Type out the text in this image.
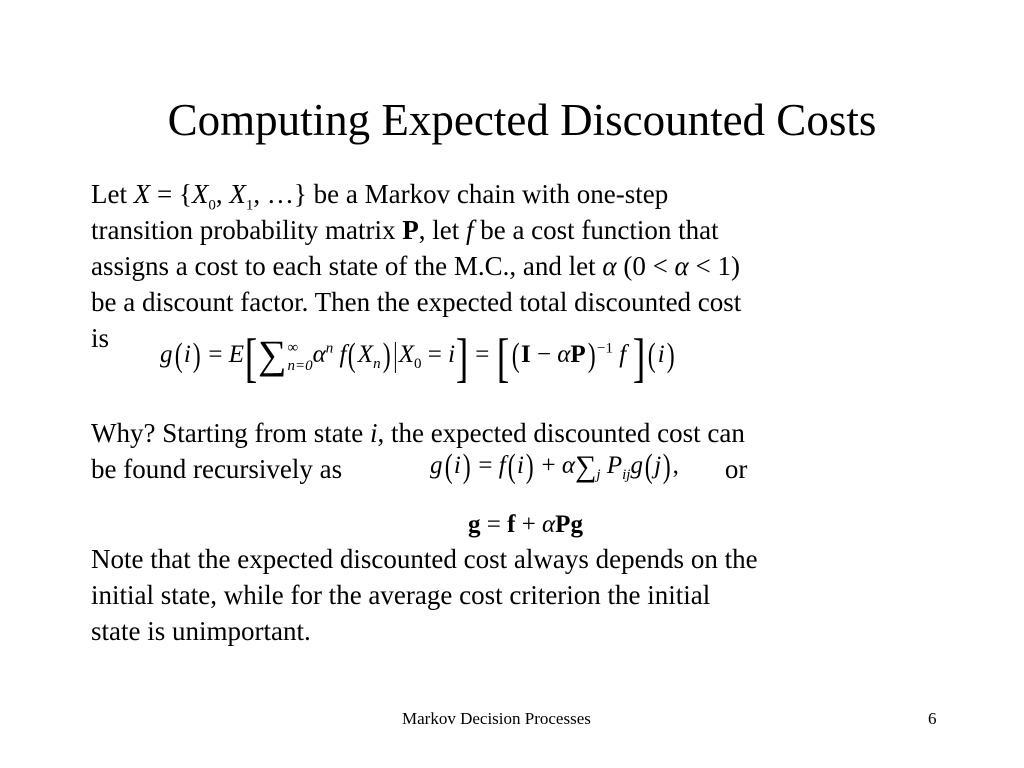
Computing Expected Discounted Costs
Let $X = \{X_0$, $X_1$, …} be a Markov chain with one-step
transition probability matrix P, let f be a cost function that
assigns a cost to each state of the M.C., and let α (0 < α < 1)
be a discount factor. Then the expected total discounted cost
is
g(i) = E[∑ ∞
n=0 $\alpha^n$ $f(X_n)|X_0 = i] = [(I - \alpha P)$ $^{-1}$ f ](i)
Why? Starting from state i, the expected discounted cost can
be found recursively as	or
$g(i) = f(i) + \alpha\sum_j$ $P_{ij}g(j)$,
g = f + αPg
Note that the expected discounted cost always depends on the
initial state, while for the average cost criterion the initial
state is unimportant.
Markov Decision Processes	6
